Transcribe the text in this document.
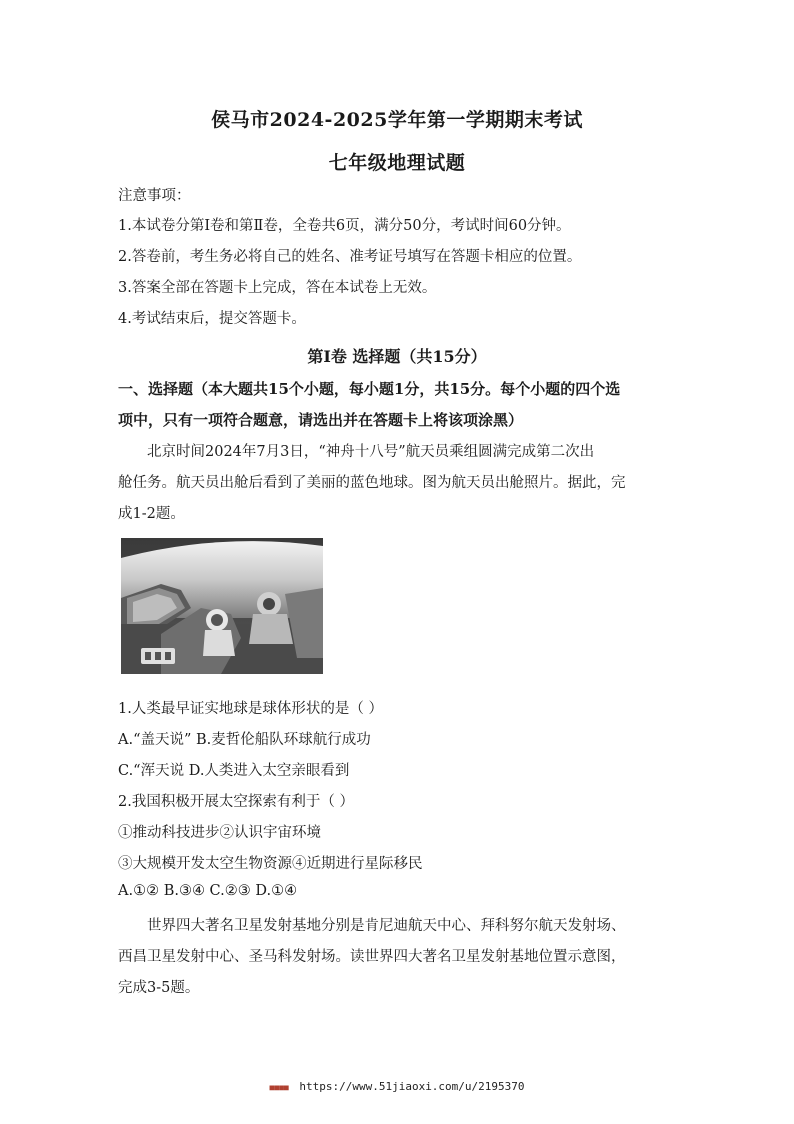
侯马市2024-2025学年第一学期期末考试
七年级地理试题
注意事项：
1.本试卷分第Ⅰ卷和第Ⅱ卷，全卷共6页，满分50分，考试时间60分钟。
2.答卷前，考生务必将自己的姓名、准考证号填写在答题卡相应的位置。
3.答案全部在答题卡上完成，答在本试卷上无效。
4.考试结束后，提交答题卡。
第Ⅰ卷 选择题（共15分）
一、选择题（本大题共15个小题，每小题1分，共15分。每个小题的四个选
项中，只有一项符合题意，请选出并在答题卡上将该项涂黑）
北京时间2024年7月3日，“神舟十八号”航天员乘组圆满完成第二次出
舱任务。航天员出舱后看到了美丽的蓝色地球。图为航天员出舱照片。据此，完
成1-2题。
1.人类最早证实地球是球体形状的是（ ）
A.“盖天说” B.麦哲伦船队环球航行成功
C.“浑天说 D.人类进入太空亲眼看到
2.我国积极开展太空探索有利于（ ）
①推动科技进步②认识宇宙环境
③大规模开发太空生物资源④近期进行星际移民
A.①② B.③④ C.②③ D.①④
世界四大著名卫星发射基地分别是肯尼迪航天中心、拜科努尔航天发射场、
西昌卫星发射中心、圣马科发射场。读世界四大著名卫星发射基地位置示意图，
完成3-5题。
■■■■ https://www.51jiaoxi.com/u/2195370
